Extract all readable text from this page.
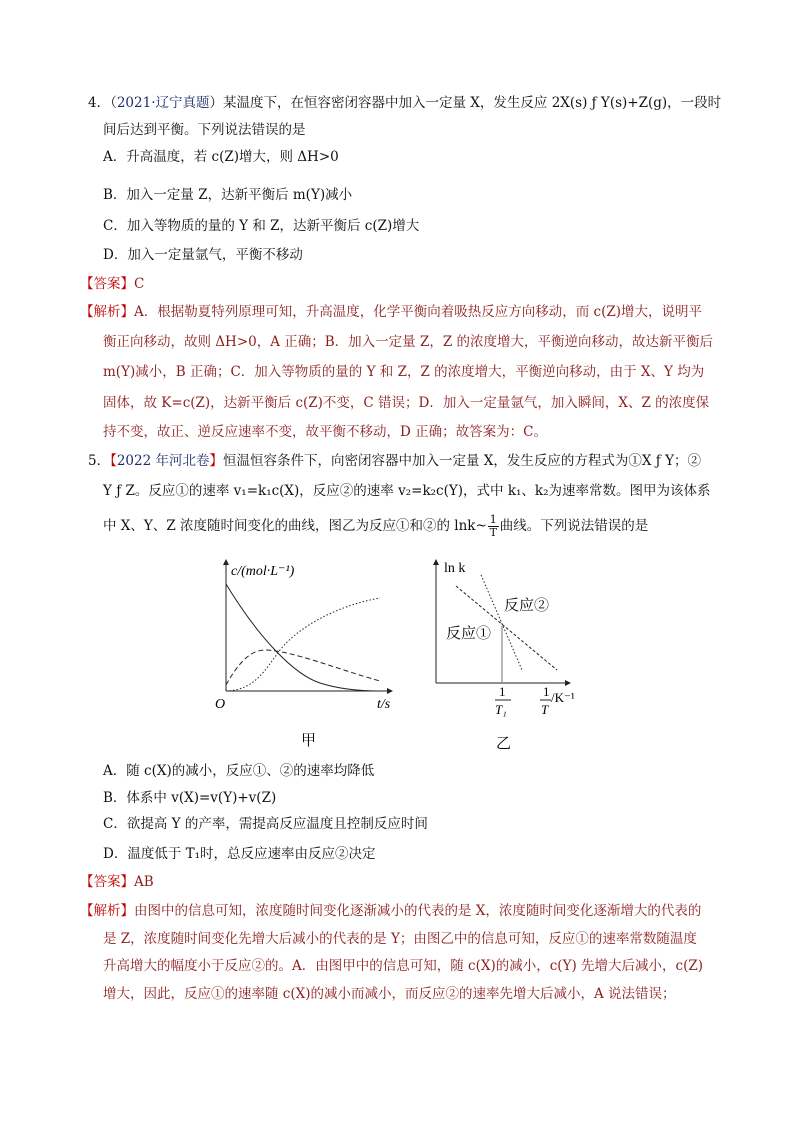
4．（2021·辽宁真题）某温度下，在恒容密闭容器中加入一定量 X，发生反应 2X(s) ƒ Y(s)+Z(g)，一段时
间后达到平衡。下列说法错误的是
A．升高温度，若 c(Z)增大，则 ΔH>0
B．加入一定量 Z，达新平衡后 m(Y)减小
C．加入等物质的量的 Y 和 Z，达新平衡后 c(Z)增大
D．加入一定量氩气，平衡不移动
【答案】C
【解析】A．根据勒夏特列原理可知，升高温度，化学平衡向着吸热反应方向移动，而 c(Z)增大，说明平
衡正向移动，故则 ΔH>0，A 正确；B．加入一定量 Z，Z 的浓度增大，平衡逆向移动，故达新平衡后
m(Y)减小，B 正确；C．加入等物质的量的 Y 和 Z，Z 的浓度增大，平衡逆向移动，由于 X、Y 均为
固体，故 K=c(Z)，达新平衡后 c(Z)不变，C 错误；D．加入一定量氩气，加入瞬间，X、Z 的浓度保
持不变，故正、逆反应速率不变，故平衡不移动，D 正确；故答案为：C。
5．【2022 年河北卷】恒温恒容条件下，向密闭容器中加入一定量 X，发生反应的方程式为①X ƒ Y；②
Y ƒ Z。反应①的速率 v₁=k₁c(X)，反应②的速率 v₂=k₂c(Y)，式中 k₁、k₂为速率常数。图甲为该体系
中 X、Y、Z 浓度随时间变化的曲线，图乙为反应①和②的 lnk~ $\frac{1}{T}$ 曲线。下列说法错误的是
A．随 c(X)的减小，反应①、②的速率均降低
B．体系中 v(X)=v(Y)+v(Z)
C．欲提高 Y 的产率，需提高反应温度且控制反应时间
D．温度低于 T₁时，总反应速率由反应②决定
【答案】AB
【解析】由图中的信息可知，浓度随时间变化逐渐减小的代表的是 X，浓度随时间变化逐渐增大的代表的
是 Z，浓度随时间变化先增大后减小的代表的是 Y；由图乙中的信息可知，反应①的速率常数随温度
升高增大的幅度小于反应②的。A．由图甲中的信息可知，随 c(X)的减小，c(Y) 先增大后减小，c(Z)
增大，因此，反应①的速率随 c(X)的减小而减小，而反应②的速率先增大后减小，A 说法错误；
c/(mol·L⁻¹)
O	t/s
甲
ln k
反应②
反应①
1
T₁
1
T
/K⁻¹
乙
